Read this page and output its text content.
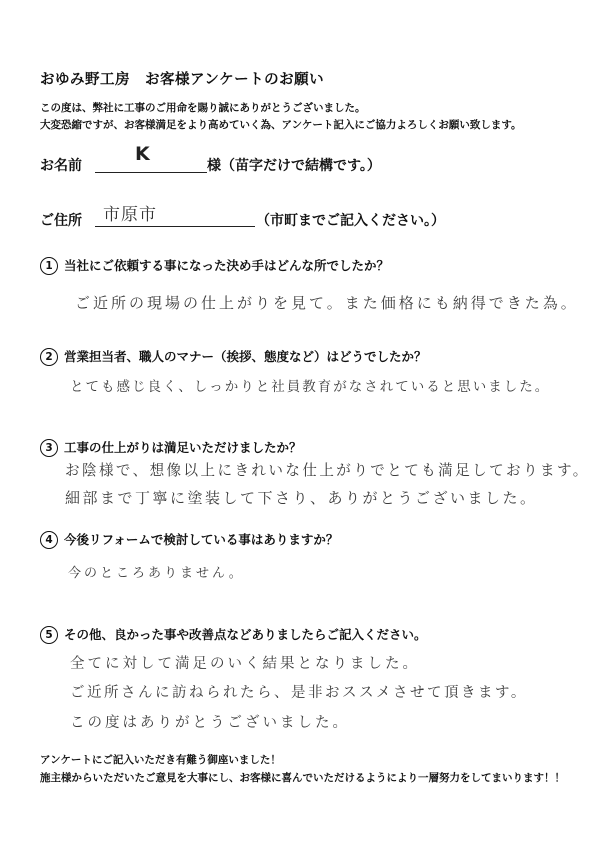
おゆみ野工房　お客様アンケートのお願い
この度は、弊社に工事のご用命を賜り誠にありがとうございました。
大変恐縮ですが、お客様満足をより高めていく為、アンケート記入にご協力よろしくお願い致します。
お名前
K
様（苗字だけで結構です。）
ご住所 市原市	（市町までご記入ください。）
1 当社にご依頼する事になった決め手はどんな所でしたか？
ご近所の現場の仕上がりを見て。また価格にも納得できた為。
2 営業担当者、職人のマナー（挨拶、態度など）はどうでしたか？
とても感じ良く、しっかりと社員教育がなされていると思いました。
3 工事の仕上がりは満足いただけましたか？
お陰様で、想像以上にきれいな仕上がりでとても満足しております。
細部まで丁寧に塗装して下さり、ありがとうございました。
4 今後リフォームで検討している事はありますか？
今のところありません。
5 その他、良かった事や改善点などありましたらご記入ください。
全てに対して満足のいく結果となりました。
ご近所さんに訪ねられたら、是非おススメさせて頂きます。
この度はありがとうございました。
アンケートにご記入いただき有難う御座いました！
施主様からいただいたご意見を大事にし、お客様に喜んでいただけるようにより一層努力をしてまいります！！
